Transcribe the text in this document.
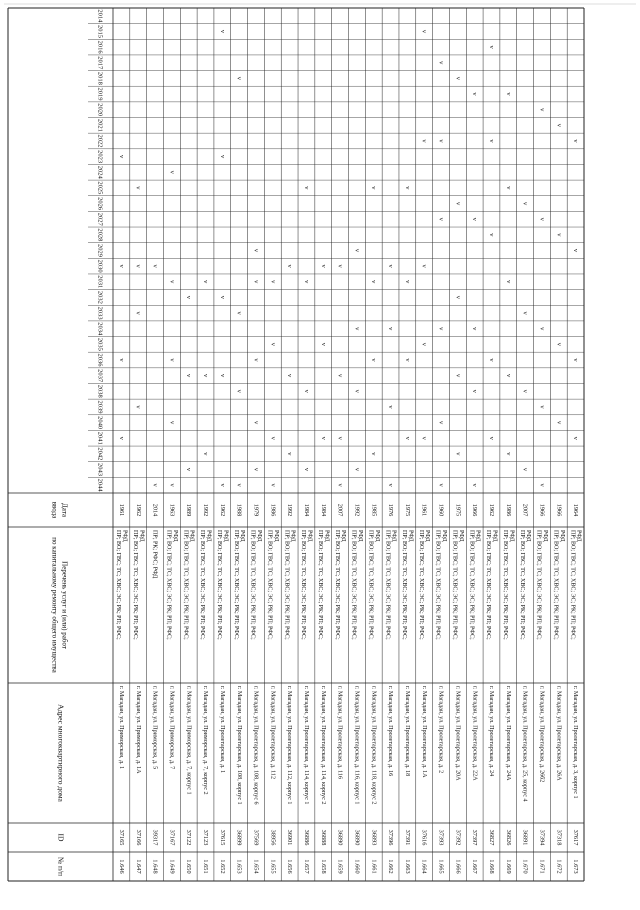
№ п/п
ID
Адрес многоквартирного дома
Перечень услуг и (или) работ
по капитальному ремонту общего имущества
Дата
ввода
2014
2015
2016
2017
2018
2019
2020
2021
2022
2023
2024
2025
2026
2027
2028
2029
2030
2031
2032
2033
2034
2035
2036
2037
2038
2039
2040
2041
2042
2043
2044
1.646
37165
г. Магадан, ул. Приморская, д. 1
ПР; ВО; ГВС; ТС; ХВС; ЭС; РК; РП; РФС; РФД
1961
v
v
v
v
1.647
37166
г. Магадан, ул. Приморская, д. 1А
ПР; ВО; ГВС; ТС; ХВС; ЭС; РК; РП; РФС; РФД
1962
v
v
v
v
1.648
39317
г. Магадан, ул. Приморская, д. 5
ПР; РК; РФС; РФД
2014
v
v
1.649
37167
г. Магадан, ул. Приморская, д. 7
ПР; ВО; ГВС; ТС; ХВС; ЭС; РК; РП; РФС; РФД
1963
v
v
v
v
v
1.650
37122
г. Магадан, ул. Приморская, д. 7, корпус 1
ПР; ВО; ГВС; ТС; ХВС; ЭС; РК; РП; РФС; РФД
1989
v
v
v
1.651
37123
г. Магадан, ул. Приморская, д. 7, корпус 2
ПР; ВО; ГВС; ТС; ХВС; ЭС; РК; РП; РФС; РФД
1992
v
v
v
1.652
37615
г. Магадан, ул. Пролетарская, д. 1
ПР; ВО; ГВС; ТС; ХВС; ЭС; РК; РП; РФС; РФД
1962
v
v
v
v
v
1.653
36899
г. Магадан, ул. Пролетарская, д. 108, корпус 1
ПР; ВО; ГВС; ТС; ХВС; ЭС; РК; РП; РФС; РФД
1988
v
v
v
v
1.654
37569
г. Магадан, ул. Пролетарская, д. 108, корпус 6
ПР; ВО; ГВС; ТС; ХВС; ЭС; РК; РП; РФС; РФД
1979
v
v
v
v
v
1.655
38956
г. Магадан, ул. Пролетарская, д. 112
ПР; ВО; ГВС; ТС; ХВС; ЭС; РК; РП; РФС; РФД
1986
v
v
v
v
1.656
36901
г. Магадан, ул. Пролетарская, д. 112, корпус 1
ПР; ВО; ГВС; ТС; ХВС; ЭС; РК; РП; РФС; РФД
1992
v
v
v
1.657
36886
г. Магадан, ул. Пролетарская, д. 114, корпус 1
ПР; ВО; ГВС; ТС; ХВС; ЭС; РК; РП; РФС; РФД
1984
v
v
v
v
1.658
36888
г. Магадан, ул. Пролетарская, д. 114, корпус 2
ПР; ВО; ГВС; ТС; ХВС; ЭС; РК; РП; РФС; РФД
1984
v
v
v
1.659
36890
г. Магадан, ул. Пролетарская, д. 116
ПР; ВО; ГВС; ТС; ХВС; ЭС; РК; РП; РФС; РФД
2007
v
v
v
v
1.660
36890
г. Магадан, ул. Пролетарская, д. 116, корпус 1
ПР; ВО; ГВС; ТС; ХВС; ЭС; РК; РП; РФС; РФД
1992
v
v
v
v
1.661
36893
г. Магадан, ул. Пролетарская, д. 118, корпус 2
ПР; ВО; ГВС; ТС; ХВС; ЭС; РК; РП; РФС; РФД
1985
v
v
v
v
1.662
37396
г. Магадан, ул. Пролетарская, д. 16
ПР; ВО; ГВС; ТС; ХВС; ЭС; РК; РП; РФС; РФД
1976
v
v
v
v
1.663
37391
г. Магадан, ул. Пролетарская, д. 18
ПР; ВО; ГВС; ТС; ХВС; ЭС; РК; РП; РФС; РФД
1975
v
v
v
v
1.664
37616
г. Магадан, ул. Пролетарская, д. 1А
ПР; ВО; ГВС; ТС; ХВС; ЭС; РК; РП; РФС; РФД
1961
v
v
v
v
v
1.665
37393
г. Магадан, ул. Пролетарская, д. 2
ПР; ВО; ГВС; ТС; ХВС; ЭС; РК; РП; РФС; РФД
1960
v
v
v
v
v
v
1.666
37392
г. Магадан, ул. Пролетарская, д. 20А
ПР; ВО; ГВС; ТС; ХВС; ЭС; РК; РП; РФС; РФД
1975
v
v
v
v
v
1.667
37397
г. Магадан, ул. Пролетарская, д. 22А
ПР; ВО; ГВС; ТС; ХВС; ЭС; РК; РП; РФС; РФД
1966
v
v
v
v
v
1.668
36827
г. Магадан, ул. Пролетарская, д. 24
ПР; ВО; ГВС; ТС; ХВС; ЭС; РК; РП; РФС; РФД
1962
v
v
v
v
v
1.669
36826
г. Магадан, ул. Пролетарская, д. 24А
ПР; ВО; ГВС; ТС; ХВС; ЭС; РК; РП; РФС; РФД
1986
v
v
v
v
v
1.670
36891
г. Магадан, ул. Пролетарская, д. 25, корпус 4
ПР; ВО; ГВС; ТС; ХВС; ЭС; РК; РП; РФС; РФД
2007
v
v
v
v
1.671
37394
г. Магадан, ул. Пролетарская, д. 26б2
ПР; ВО; ГВС; ТС; ХВС; ЭС; РК; РП; РФС; РФД
1966
v
v
v
v
v
1.672
37318
г. Магадан, ул. Пролетарская, д. 26А
ПР; ВО; ГВС; ТС; ХВС; ЭС; РК; РП; РФС; РФД
1966
v
v
v
v
1.673
37617
г. Магадан, ул. Пролетарская, д. 3, корпус 1
ПР; ВО; ГВС; ТС; ХВС; ЭС; РК; РП; РФС; РФД
1964
v
v
v
v
